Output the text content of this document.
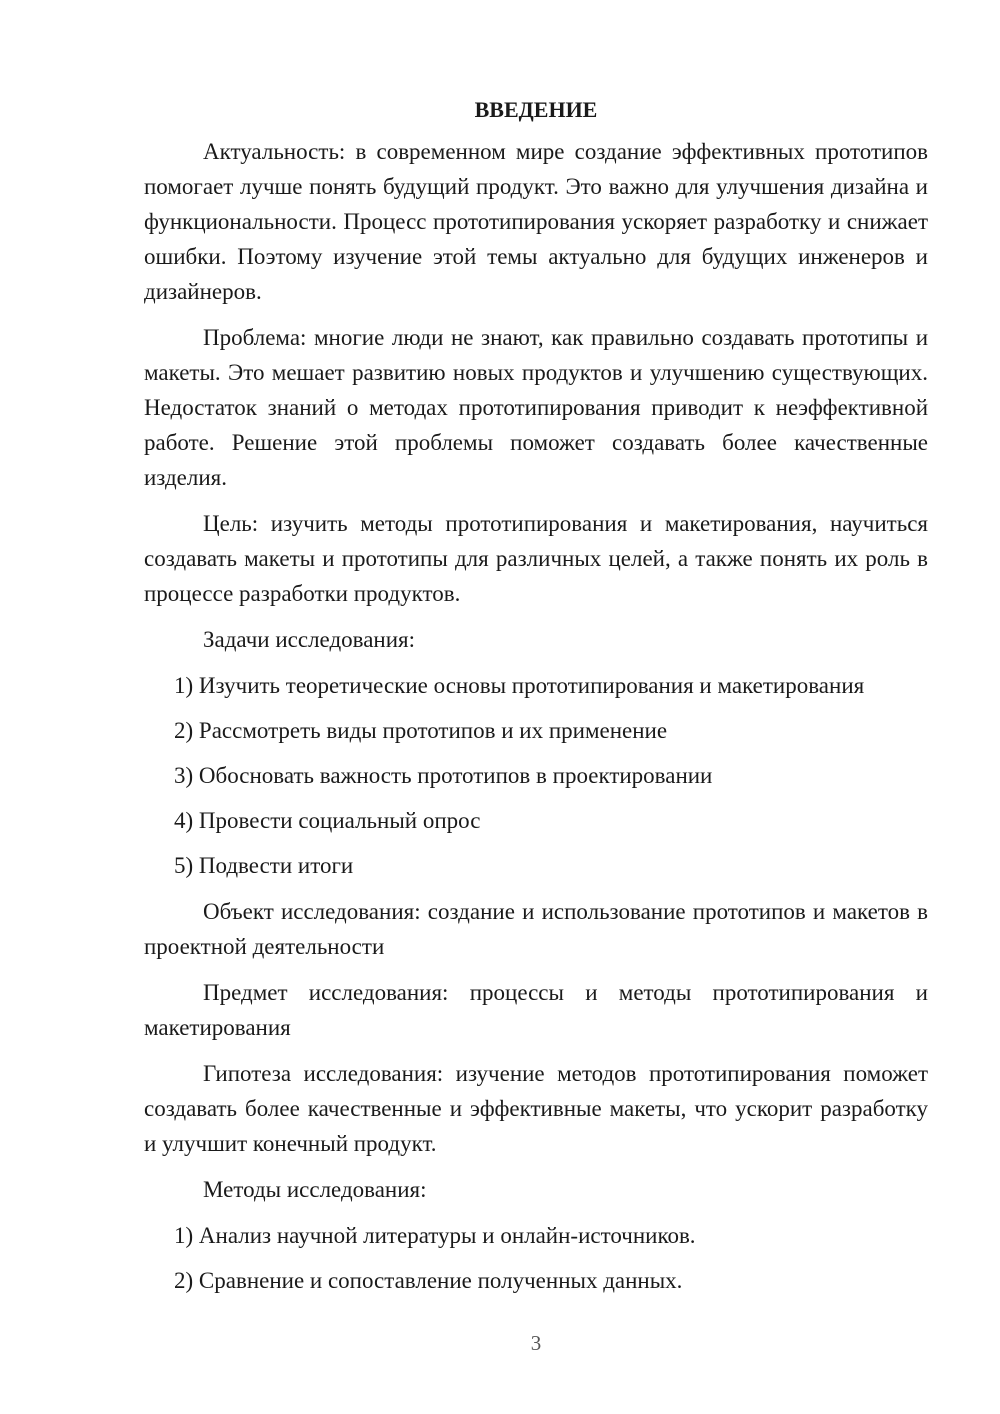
ВВЕДЕНИЕ

Актуальность: в современном мире создание эффективных прототипов помогает лучше понять будущий продукт. Это важно для улучшения дизайна и функциональности. Процесс прототипирования ускоряет разработку и снижает ошибки. Поэтому изучение этой темы актуально для будущих инженеров и дизайнеров.

Проблема: многие люди не знают, как правильно создавать прототипы и макеты. Это мешает развитию новых продуктов и улучшению существующих. Недостаток знаний о методах прототипирования приводит к неэффективной работе. Решение этой проблемы поможет создавать более качественные изделия.

Цель: изучить методы прототипирования и макетирования, научиться создавать макеты и прототипы для различных целей, а также понять их роль в процессе разработки продуктов.

Задачи исследования:
1) Изучить теоретические основы прототипирования и макетирования
2) Рассмотреть виды прототипов и их применение
3) Обосновать важность прототипов в проектировании
4) Провести социальный опрос
5) Подвести итоги

Объект исследования: создание и использование прототипов и макетов в проектной деятельности

Предмет исследования: процессы и методы прототипирования и макетирования

Гипотеза исследования: изучение методов прототипирования поможет создавать более качественные и эффективные макеты, что ускорит разработку и улучшит конечный продукт.

Методы исследования:
1) Анализ научной литературы и онлайн-источников.
2) Сравнение и сопоставление полученных данных.
3
